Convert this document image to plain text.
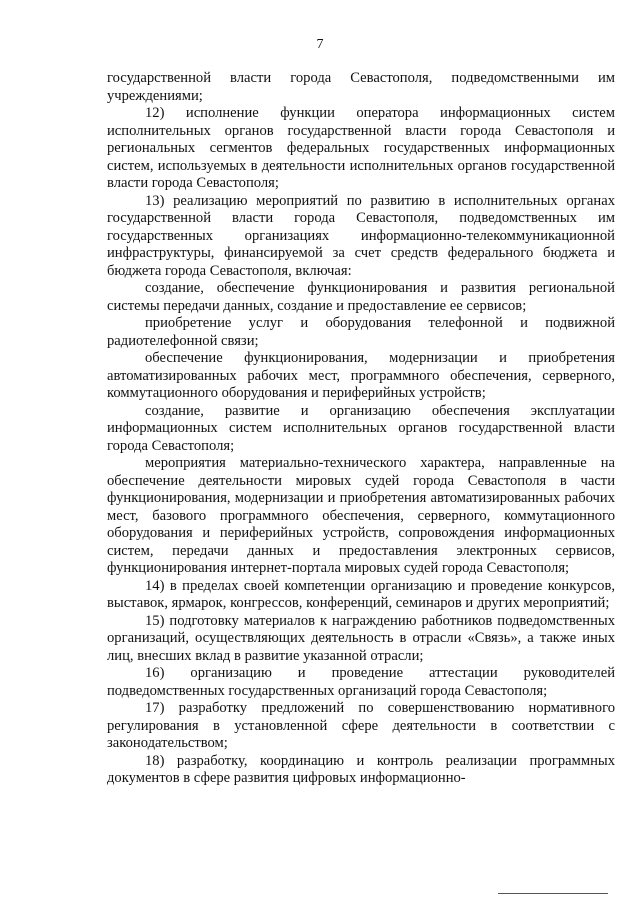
7

государственной власти города Севастополя, подведомственными им учреждениями;

12) исполнение функции оператора информационных систем исполнительных органов государственной власти города Севастополя и региональных сегментов федеральных государственных информационных систем, используемых в деятельности исполнительных органов государственной власти города Севастополя;

13) реализацию мероприятий по развитию в исполнительных органах государственной власти города Севастополя, подведомственных им государственных организациях информационно-телекоммуникационной инфраструктуры, финансируемой за счет средств федерального бюджета и бюджета города Севастополя, включая:

создание, обеспечение функционирования и развития региональной системы передачи данных, создание и предоставление ее сервисов;

приобретение услуг и оборудования телефонной и подвижной радиотелефонной связи;

обеспечение функционирования, модернизации и приобретения автоматизированных рабочих мест, программного обеспечения, серверного, коммутационного оборудования и периферийных устройств;

создание, развитие и организацию обеспечения эксплуатации информационных систем исполнительных органов государственной власти города Севастополя;

мероприятия материально-технического характера, направленные на обеспечение деятельности мировых судей города Севастополя в части функционирования, модернизации и приобретения автоматизированных рабочих мест, базового программного обеспечения, серверного, коммутационного оборудования и периферийных устройств, сопровождения информационных систем, передачи данных и предоставления электронных сервисов, функционирования интернет-портала мировых судей города Севастополя;

14) в пределах своей компетенции организацию и проведение конкурсов, выставок, ярмарок, конгрессов, конференций, семинаров и других мероприятий;

15) подготовку материалов к награждению работников подведомственных организаций, осуществляющих деятельность в отрасли «Связь», а также иных лиц, внесших вклад в развитие указанной отрасли;

16) организацию и проведение аттестации руководителей подведомственных государственных организаций города Севастополя;

17) разработку предложений по совершенствованию нормативного регулирования в установленной сфере деятельности в соответствии с законодательством;

18) разработку, координацию и контроль реализации программных документов в сфере развития цифровых информационно-
